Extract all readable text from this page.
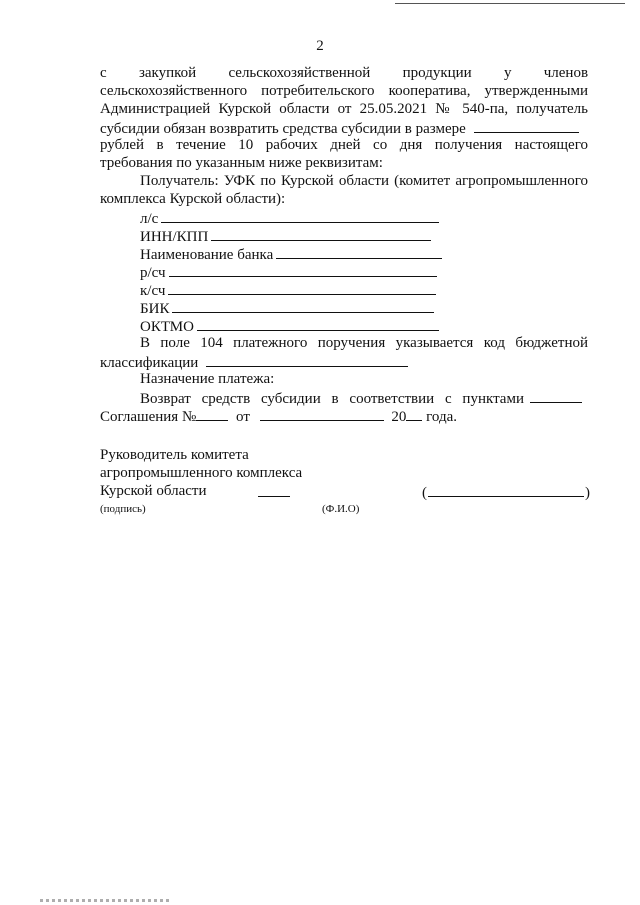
2
с закупкой сельскохозяйственной продукции у членов
сельскохозяйственного потребительского кооператива, утвержденными
Администрацией Курской области от 25.05.2021 № 540-па, получатель
субсидии обязан возвратить средства субсидии в размере
рублей в течение 10 рабочих дней со дня получения настоящего
требования по указанным ниже реквизитам:
Получатель: УФК по Курской области (комитет агропромышленного
комплекса Курской области):
л/с
ИНН/КПП
Наименование банка
р/сч
к/сч
БИК
ОКТМО
В поле 104 платежного поручения указывается код бюджетной
классификации
Назначение платежа:
Возврат средств субсидии в соответствии с пунктами
Соглашения №	от	20 года.
Руководитель комитета
агропромышленного комплекса
Курской области	(	)
(подпись)	(Ф.И.О)
